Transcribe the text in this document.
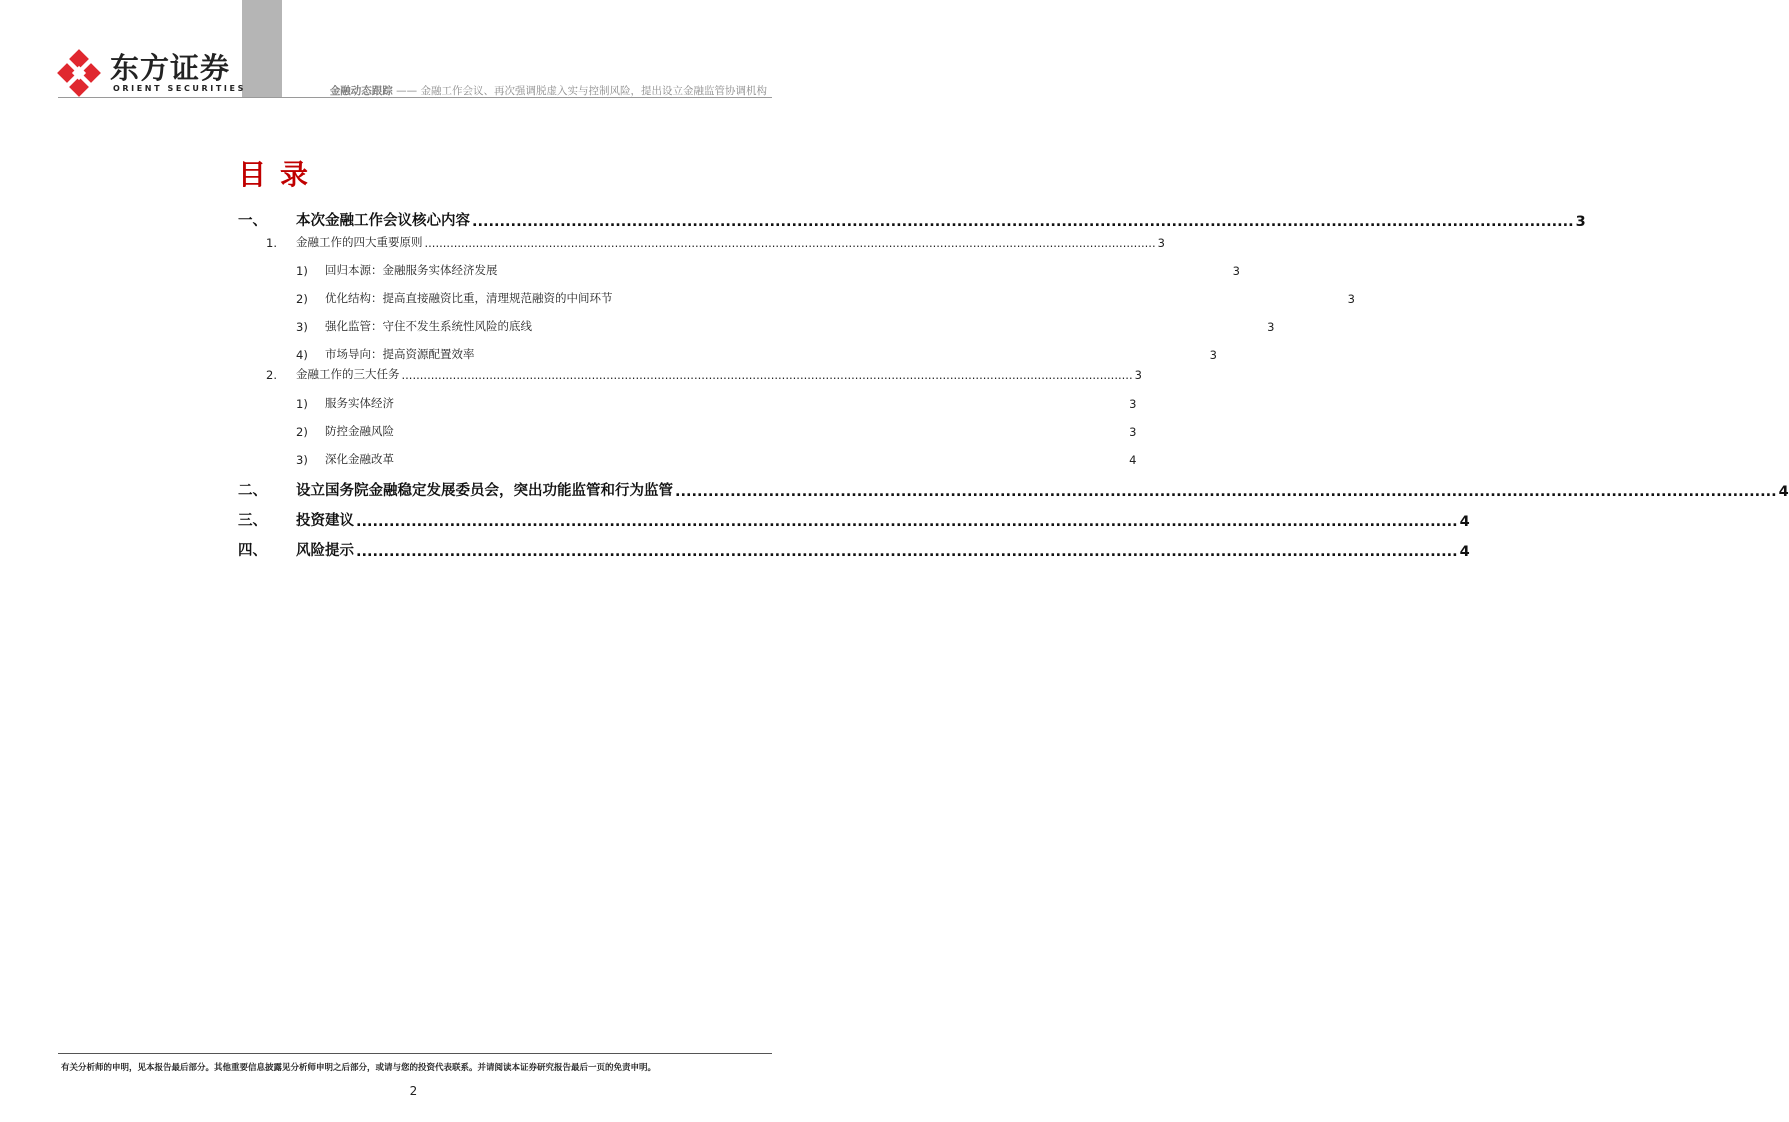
东方证券
ORIENT SECURITIES	金融动态跟踪 —— 金融工作会议、再次强调脱虚入实与控制风险，提出设立金融监管协调机构
目录
一、	本次金融工作会议核心内容 ........................................................................................................................................................................................................ 3
1.	金融工作的四大重要原则 ........................................................................................................................................................................................................ 3
1)	回归本源：金融服务实体经济发展	3
2)	优化结构：提高直接融资比重，清理规范融资的中间环节	3
3)	强化监管：守住不发生系统性风险的底线	3
4)	市场导向：提高资源配置效率	3
2.	金融工作的三大任务 ........................................................................................................................................................................................................ 3
1)	服务实体经济	3
2)	防控金融风险	3
3)	深化金融改革	4
二、	设立国务院金融稳定发展委员会，突出功能监管和行为监管 ........................................................................................................................................................................................................ 4
三、	投资建议 ........................................................................................................................................................................................................ 4
四、	风险提示 ........................................................................................................................................................................................................ 4
有关分析师的申明，见本报告最后部分。其他重要信息披露见分析师申明之后部分，或请与您的投资代表联系。并请阅读本证券研究报告最后一页的免责申明。
2
